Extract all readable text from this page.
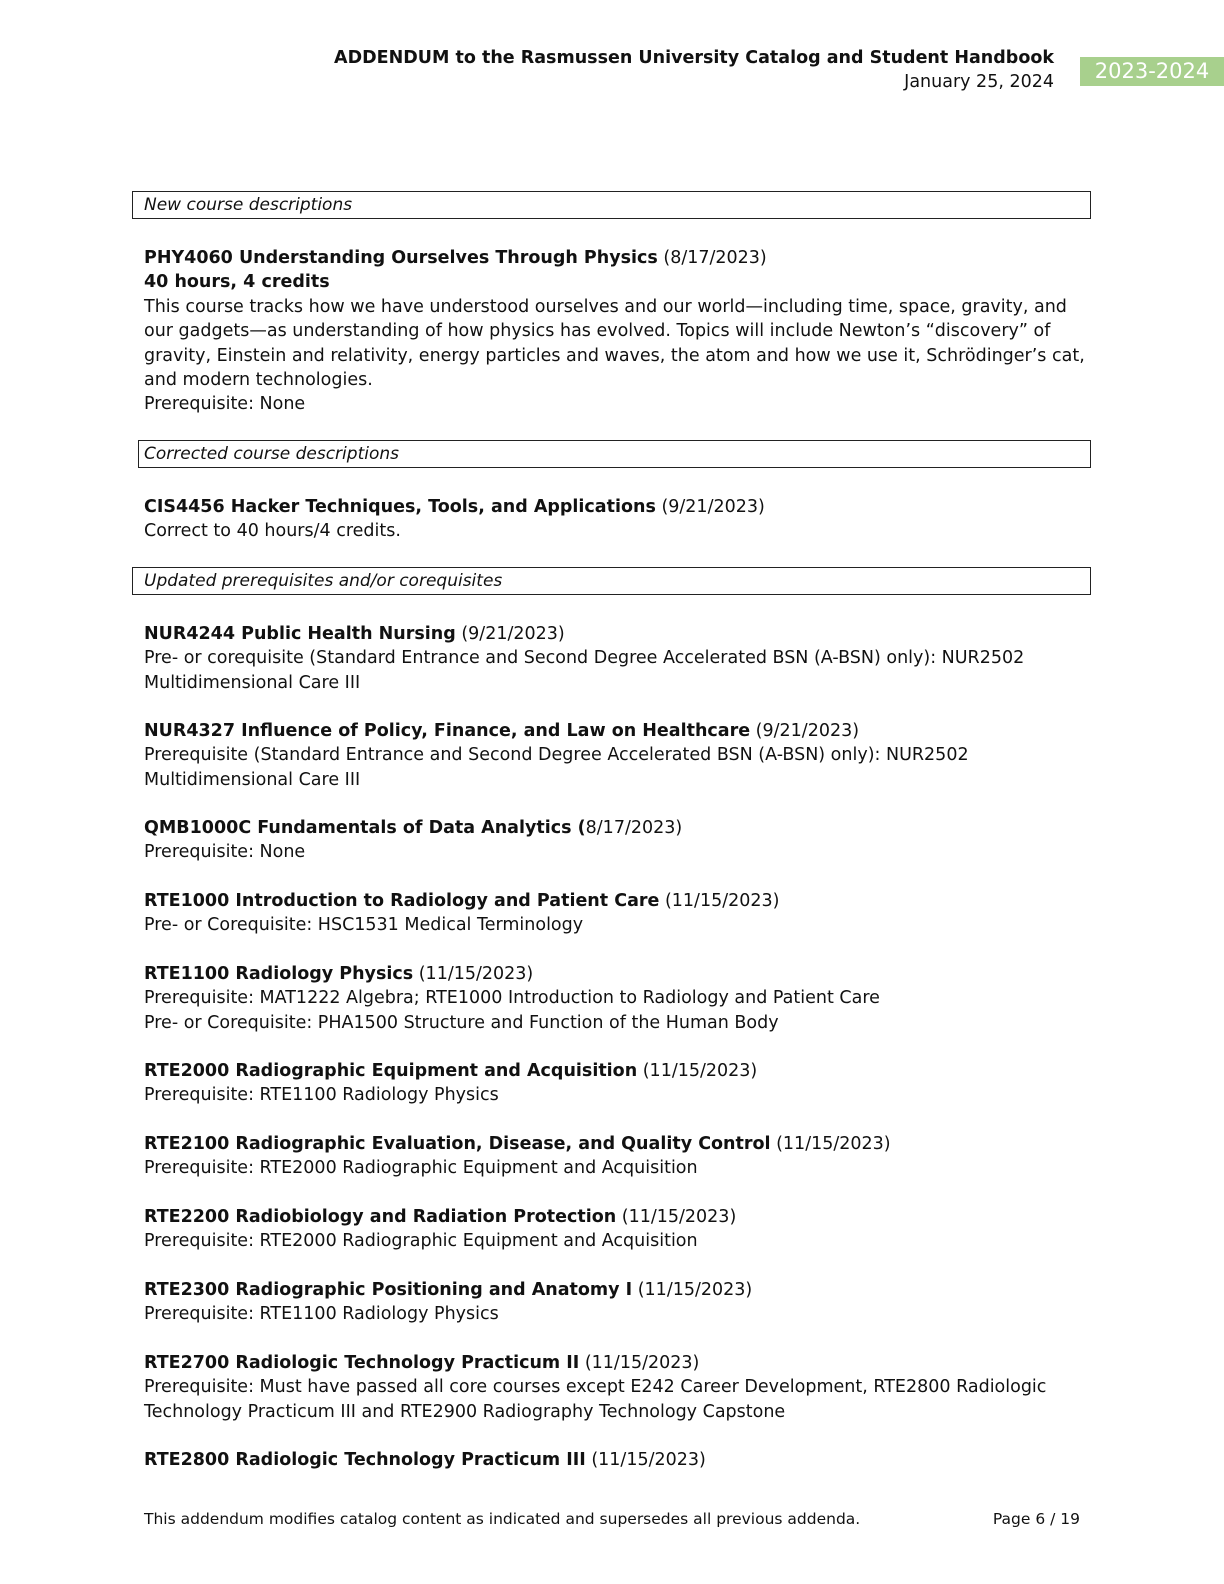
ADDENDUM to the Rasmussen University Catalog and Student Handbook
January 25, 2024	2023-2024
New course descriptions
PHY4060 Understanding Ourselves Through Physics (8/17/2023)
40 hours, 4 credits
This course tracks how we have understood ourselves and our world—including time, space, gravity, and our gadgets—as understanding of how physics has evolved. Topics will include Newton’s “discovery” of gravity, Einstein and relativity, energy particles and waves, the atom and how we use it, Schrödinger’s cat, and modern technologies.
Prerequisite: None
Corrected course descriptions
CIS4456 Hacker Techniques, Tools, and Applications (9/21/2023)
Correct to 40 hours/4 credits.
Updated prerequisites and/or corequisites
NUR4244 Public Health Nursing (9/21/2023)
Pre- or corequisite (Standard Entrance and Second Degree Accelerated BSN (A-BSN) only): NUR2502 Multidimensional Care III
NUR4327 Influence of Policy, Finance, and Law on Healthcare (9/21/2023)
Prerequisite (Standard Entrance and Second Degree Accelerated BSN (A-BSN) only): NUR2502 Multidimensional Care III
QMB1000C Fundamentals of Data Analytics (8/17/2023)
Prerequisite: None
RTE1000 Introduction to Radiology and Patient Care (11/15/2023)
Pre- or Corequisite: HSC1531 Medical Terminology
RTE1100 Radiology Physics (11/15/2023)
Prerequisite: MAT1222 Algebra; RTE1000 Introduction to Radiology and Patient Care
Pre- or Corequisite: PHA1500 Structure and Function of the Human Body
RTE2000 Radiographic Equipment and Acquisition (11/15/2023)
Prerequisite: RTE1100 Radiology Physics
RTE2100 Radiographic Evaluation, Disease, and Quality Control (11/15/2023)
Prerequisite: RTE2000 Radiographic Equipment and Acquisition
RTE2200 Radiobiology and Radiation Protection (11/15/2023)
Prerequisite: RTE2000 Radiographic Equipment and Acquisition
RTE2300 Radiographic Positioning and Anatomy I (11/15/2023)
Prerequisite: RTE1100 Radiology Physics
RTE2700 Radiologic Technology Practicum II (11/15/2023)
Prerequisite: Must have passed all core courses except E242 Career Development, RTE2800 Radiologic Technology Practicum III and RTE2900 Radiography Technology Capstone
RTE2800 Radiologic Technology Practicum III (11/15/2023)
This addendum modifies catalog content as indicated and supersedes all previous addenda.	Page 6 / 19
